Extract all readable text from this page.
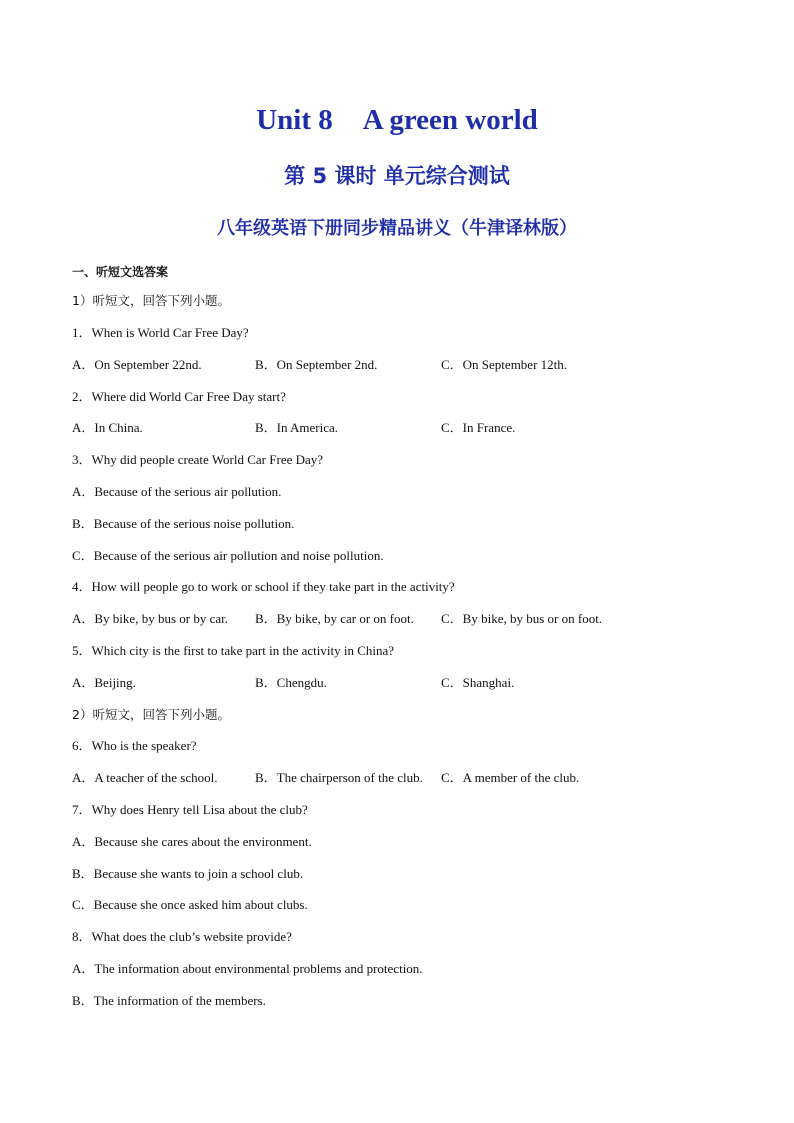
Unit 8 A green world
第 5 课时 单元综合测试
八年级英语下册同步精品讲义（牛津译林版）
一、听短文选答案
1）听短文，回答下列小题。
1．When is World Car Free Day?
A．On September 22nd.	B．On September 2nd.	C．On September 12th.
2．Where did World Car Free Day start?
A．In China.	B．In America.	C．In France.
3．Why did people create World Car Free Day?
A．Because of the serious air pollution.
B．Because of the serious noise pollution.
C．Because of the serious air pollution and noise pollution.
4．How will people go to work or school if they take part in the activity?
A．By bike, by bus or by car. B．By bike, by car or on foot. C．By bike, by bus or on foot.
5．Which city is the first to take part in the activity in China?
A．Beijing.	B．Chengdu.	C．Shanghai.
2）听短文，回答下列小题。
6．Who is the speaker?
A．A teacher of the school.	B．The chairperson of the club. C．A member of the club.
7．Why does Henry tell Lisa about the club?
A．Because she cares about the environment.
B．Because she wants to join a school club.
C．Because she once asked him about clubs.
8．What does the club’s website provide?
A．The information about environmental problems and protection.
B．The information of the members.
